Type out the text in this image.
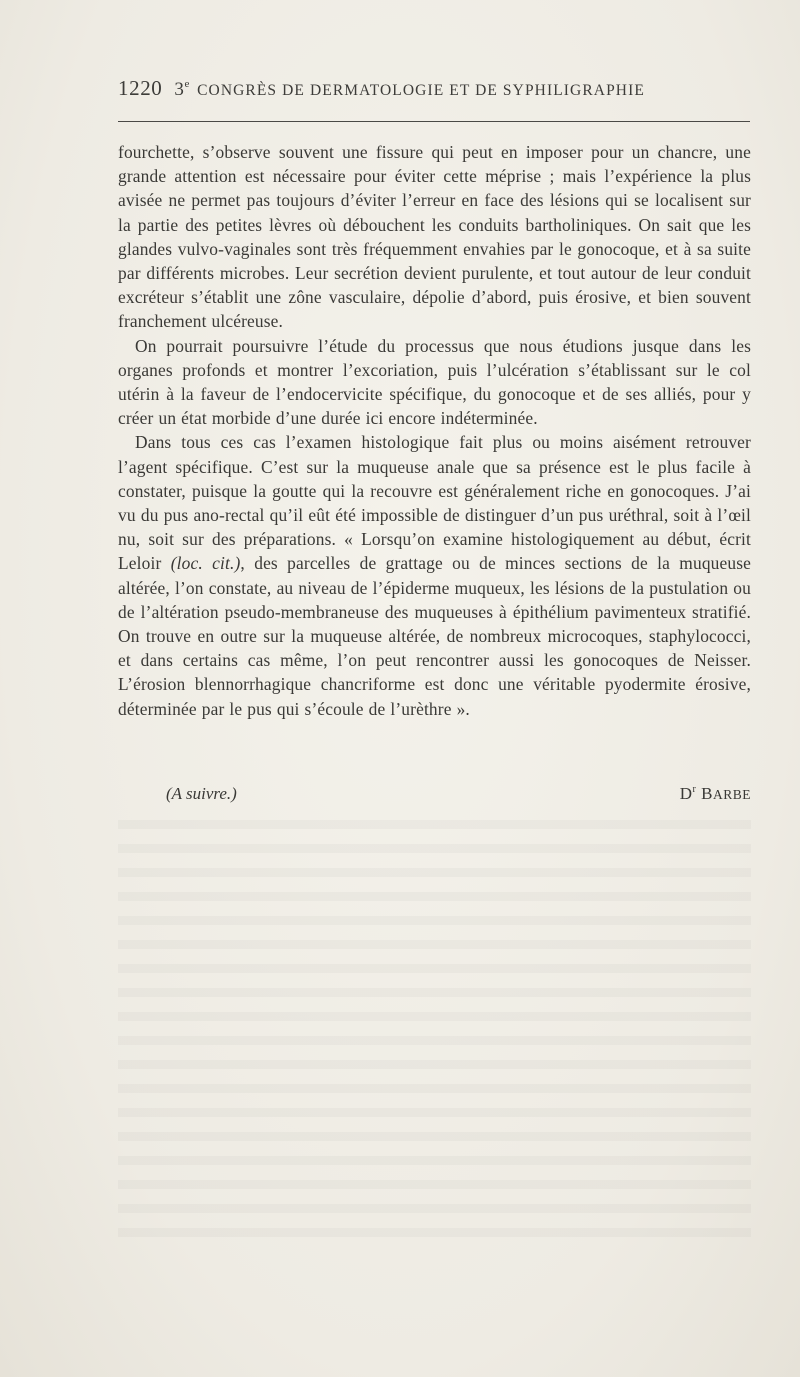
1220 3e CONGRÈS DE DERMATOLOGIE ET DE SYPHILIGRAPHIE

fourchette, s’observe souvent une fissure qui peut en imposer pour un chancre, une grande attention est nécessaire pour éviter cette méprise ; mais l’expérience la plus avisée ne permet pas toujours d’éviter l’erreur en face des lésions qui se localisent sur la partie des petites lèvres où débouchent les conduits bartholiniques. On sait que les glandes vulvo-vaginales sont très fréquemment envahies par le gonocoque, et à sa suite par différents microbes. Leur secrétion devient purulente, et tout autour de leur conduit excréteur s’établit une zône vasculaire, dépolie d’abord, puis érosive, et bien souvent franchement ulcéreuse.

On pourrait poursuivre l’étude du processus que nous étudions jusque dans les organes profonds et montrer l’excoriation, puis l’ulcération s’établissant sur le col utérin à la faveur de l’endocervicite spécifique, du gonocoque et de ses alliés, pour y créer un état morbide d’une durée ici encore indéterminée.

Dans tous ces cas l’examen histologique fait plus ou moins aisément retrouver l’agent spécifique. C’est sur la muqueuse anale que sa présence est le plus facile à constater, puisque la goutte qui la recouvre est généralement riche en gonocoques. J’ai vu du pus ano-rectal qu’il eût été impossible de distinguer d’un pus uréthral, soit à l’œil nu, soit sur des préparations. « Lorsqu’on examine histologiquement au début, écrit Leloir (loc. cit.), des parcelles de grattage ou de minces sections de la muqueuse altérée, l’on constate, au niveau de l’épiderme muqueux, les lésions de la pustulation ou de l’altération pseudo-membraneuse des muqueuses à épithélium pavimenteux stratifié. On trouve en outre sur la muqueuse altérée, de nombreux microcoques, staphylococci, et dans certains cas même, l’on peut rencontrer aussi les gonocoques de Neisser. L’érosion blennorrhagique chancriforme est donc une véritable pyodermite érosive, déterminée par le pus qui s’écoule de l’urèthre ».

(A suivre.)	$D^r$ BARBE
